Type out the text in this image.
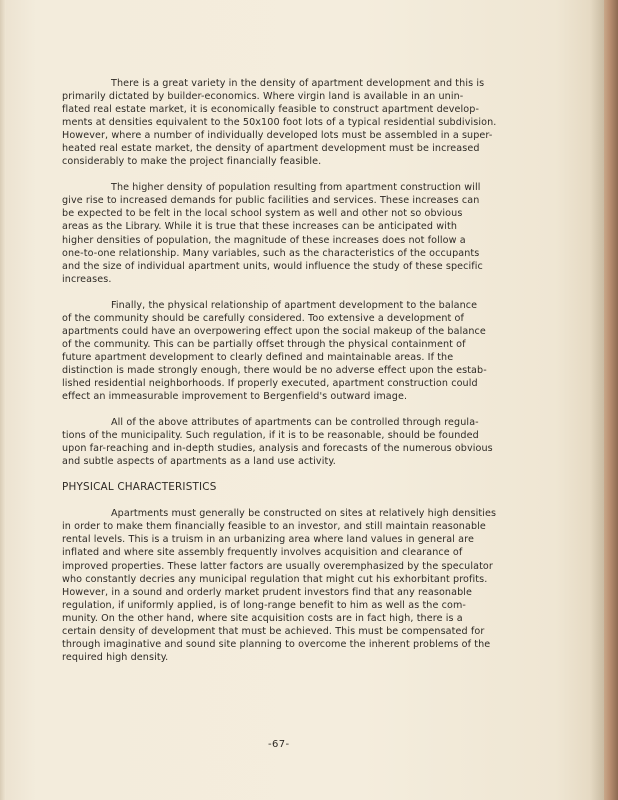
There is a great variety in the density of apartment development and this is
primarily dictated by builder-economics. Where virgin land is available in an unin-
flated real estate market, it is economically feasible to construct apartment develop-
ments at densities equivalent to the 50x100 foot lots of a typical residential subdivision.
However, where a number of individually developed lots must be assembled in a super-
heated real estate market, the density of apartment development must be increased
considerably to make the project financially feasible.

The higher density of population resulting from apartment construction will
give rise to increased demands for public facilities and services. These increases can
be expected to be felt in the local school system as well and other not so obvious
areas as the Library. While it is true that these increases can be anticipated with
higher densities of population, the magnitude of these increases does not follow a
one-to-one relationship. Many variables, such as the characteristics of the occupants
and the size of individual apartment units, would influence the study of these specific
increases.

Finally, the physical relationship of apartment development to the balance
of the community should be carefully considered. Too extensive a development of
apartments could have an overpowering effect upon the social makeup of the balance
of the community. This can be partially offset through the physical containment of
future apartment development to clearly defined and maintainable areas. If the
distinction is made strongly enough, there would be no adverse effect upon the estab-
lished residential neighborhoods. If properly executed, apartment construction could
effect an immeasurable improvement to Bergenfield's outward image.

All of the above attributes of apartments can be controlled through regula-
tions of the municipality. Such regulation, if it is to be reasonable, should be founded
upon far-reaching and in-depth studies, analysis and forecasts of the numerous obvious
and subtle aspects of apartments as a land use activity.

PHYSICAL CHARACTERISTICS

Apartments must generally be constructed on sites at relatively high densities
in order to make them financially feasible to an investor, and still maintain reasonable
rental levels. This is a truism in an urbanizing area where land values in general are
inflated and where site assembly frequently involves acquisition and clearance of
improved properties. These latter factors are usually overemphasized by the speculator
who constantly decries any municipal regulation that might cut his exhorbitant profits.
However, in a sound and orderly market prudent investors find that any reasonable
regulation, if uniformly applied, is of long-range benefit to him as well as the com-
munity. On the other hand, where site acquisition costs are in fact high, there is a
certain density of development that must be achieved. This must be compensated for
through imaginative and sound site planning to overcome the inherent problems of the
required high density.

-67-
